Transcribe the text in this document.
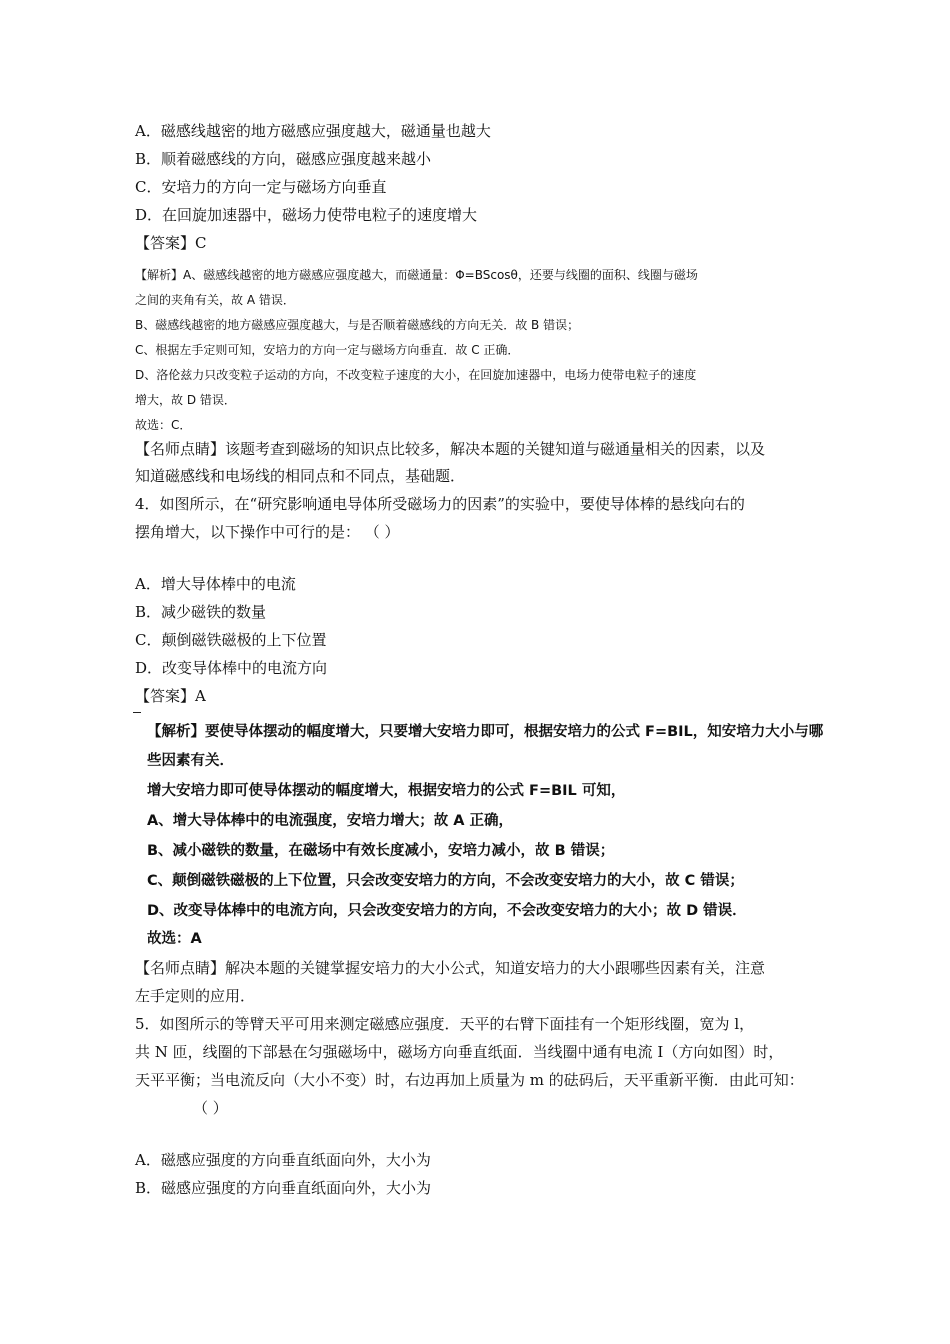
A．磁感线越密的地方磁感应强度越大，磁通量也越大
B．顺着磁感线的方向，磁感应强度越来越小
C．安培力的方向一定与磁场方向垂直
D．在回旋加速器中，磁场力使带电粒子的速度增大
【答案】C
【解析】A、磁感线越密的地方磁感应强度越大，而磁通量：Φ=BScosθ，还要与线圈的面积、线圈与磁场
之间的夹角有关，故 A 错误．
B、磁感线越密的地方磁感应强度越大，与是否顺着磁感线的方向无关．故 B 错误；
C、根据左手定则可知，安培力的方向一定与磁场方向垂直．故 C 正确．
D、洛伦兹力只改变粒子运动的方向，不改变粒子速度的大小，在回旋加速器中，电场力使带电粒子的速度
增大，故 D 错误．
故选：C．
【名师点睛】该题考查到磁场的知识点比较多，解决本题的关键知道与磁通量相关的因素，以及
知道磁感线和电场线的相同点和不同点，基础题．
4．如图所示，在“研究影响通电导体所受磁场力的因素”的实验中，要使导体棒的悬线向右的
摆角增大，以下操作中可行的是： （ ）
A．增大导体棒中的电流
B．减少磁铁的数量
C．颠倒磁铁磁极的上下位置
D．改变导体棒中的电流方向
【答案】A
【解析】要使导体摆动的幅度增大，只要增大安培力即可，根据安培力的公式 F=BIL，知安培力大小与哪
些因素有关．
增大安培力即可使导体摆动的幅度增大，根据安培力的公式 F=BIL 可知，
A、增大导体棒中的电流强度，安培力增大；故 A 正确，
B、减小磁铁的数量，在磁场中有效长度减小，安培力减小，故 B 错误；
C、颠倒磁铁磁极的上下位置，只会改变安培力的方向，不会改变安培力的大小，故 C 错误；
D、改变导体棒中的电流方向，只会改变安培力的方向，不会改变安培力的大小；故 D 错误．
故选：A
【名师点睛】解决本题的关键掌握安培力的大小公式，知道安培力的大小跟哪些因素有关，注意
左手定则的应用．
5．如图所示的等臂天平可用来测定磁感应强度．天平的右臂下面挂有一个矩形线圈，宽为 l，
共 N 匝，线圈的下部悬在匀强磁场中，磁场方向垂直纸面．当线圈中通有电流 I（方向如图）时，
天平平衡；当电流反向（大小不变）时，右边再加上质量为 m 的砝码后，天平重新平衡．由此可知：
（ ）
A．磁感应强度的方向垂直纸面向外，大小为
B．磁感应强度的方向垂直纸面向外，大小为
